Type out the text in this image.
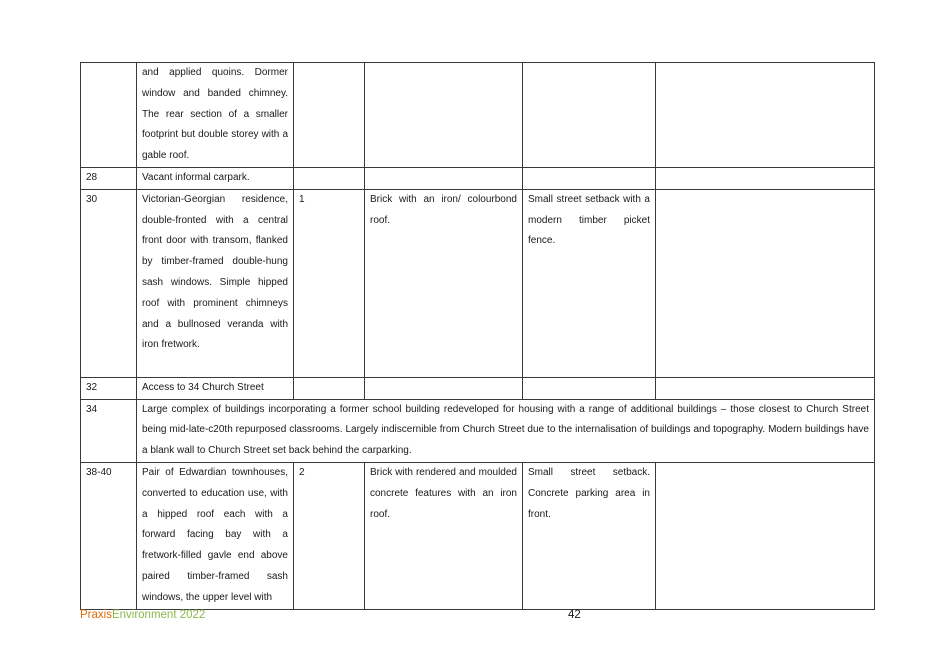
	and applied quoins. Dormer window and banded chimney. The rear section of a smaller footprint but double storey with a gable roof.				
28	Vacant informal carpark.				
30	Victorian-Georgian residence, double-fronted with a central front door with transom, flanked by timber-framed double-hung sash windows. Simple hipped roof with prominent chimneys and a bullnosed veranda with iron fretwork.	1	Brick with an iron/ colourbond roof.	Small street setback with a modern timber picket fence.	
32	Access to 34 Church Street				
34	Large complex of buildings incorporating a former school building redeveloped for housing with a range of additional buildings – those closest to Church Street being mid-late-c20th repurposed classrooms. Largely indiscernible from Church Street due to the internalisation of buildings and topography. Modern buildings have a blank wall to Church Street set back behind the carparking.				
38-40	Pair of Edwardian townhouses, converted to education use, with a hipped roof each with a forward facing bay with a fretwork-filled gavle end above paired timber-framed sash windows, the upper level with	2	Brick with rendered and moulded concrete features with an iron roof.	Small street setback. Concrete parking area in front.	
PraxisEnvironment 2022	42
